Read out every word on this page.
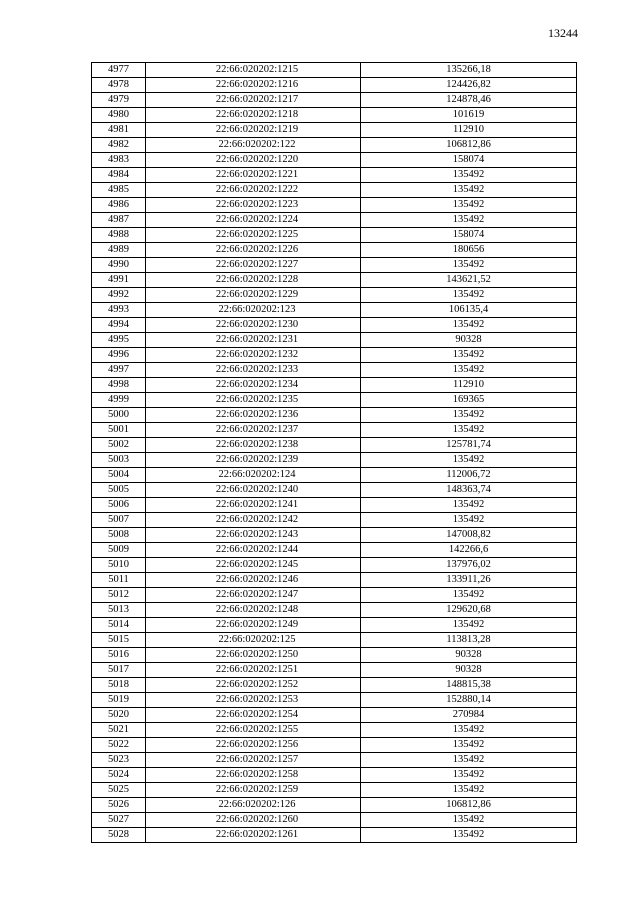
13244
4977	22:66:020202:1215	135266,18
4978	22:66:020202:1216	124426,82
4979	22:66:020202:1217	124878,46
4980	22:66:020202:1218	101619
4981	22:66:020202:1219	112910
4982	22:66:020202:122	106812,86
4983	22:66:020202:1220	158074
4984	22:66:020202:1221	135492
4985	22:66:020202:1222	135492
4986	22:66:020202:1223	135492
4987	22:66:020202:1224	135492
4988	22:66:020202:1225	158074
4989	22:66:020202:1226	180656
4990	22:66:020202:1227	135492
4991	22:66:020202:1228	143621,52
4992	22:66:020202:1229	135492
4993	22:66:020202:123	106135,4
4994	22:66:020202:1230	135492
4995	22:66:020202:1231	90328
4996	22:66:020202:1232	135492
4997	22:66:020202:1233	135492
4998	22:66:020202:1234	112910
4999	22:66:020202:1235	169365
5000	22:66:020202:1236	135492
5001	22:66:020202:1237	135492
5002	22:66:020202:1238	125781,74
5003	22:66:020202:1239	135492
5004	22:66:020202:124	112006,72
5005	22:66:020202:1240	148363,74
5006	22:66:020202:1241	135492
5007	22:66:020202:1242	135492
5008	22:66:020202:1243	147008,82
5009	22:66:020202:1244	142266,6
5010	22:66:020202:1245	137976,02
5011	22:66:020202:1246	133911,26
5012	22:66:020202:1247	135492
5013	22:66:020202:1248	129620,68
5014	22:66:020202:1249	135492
5015	22:66:020202:125	113813,28
5016	22:66:020202:1250	90328
5017	22:66:020202:1251	90328
5018	22:66:020202:1252	148815,38
5019	22:66:020202:1253	152880,14
5020	22:66:020202:1254	270984
5021	22:66:020202:1255	135492
5022	22:66:020202:1256	135492
5023	22:66:020202:1257	135492
5024	22:66:020202:1258	135492
5025	22:66:020202:1259	135492
5026	22:66:020202:126	106812,86
5027	22:66:020202:1260	135492
5028	22:66:020202:1261	135492
